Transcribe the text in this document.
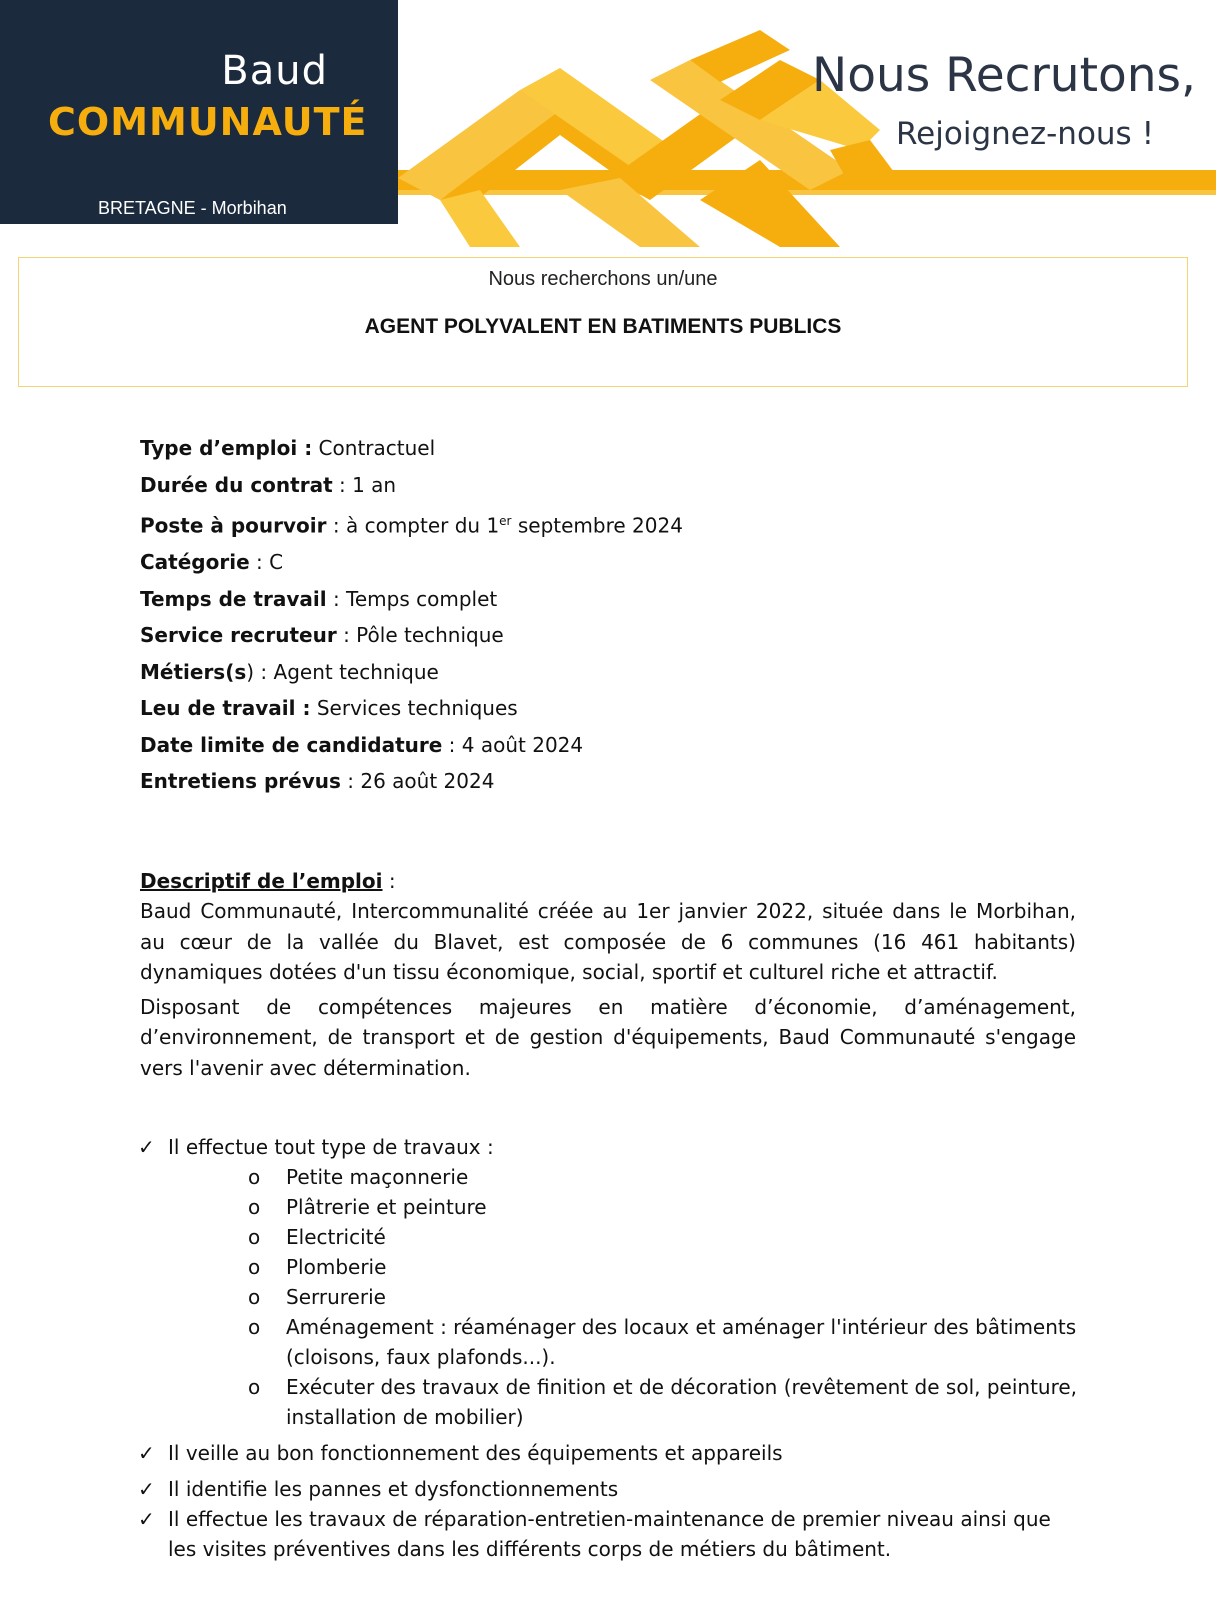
Baud
COMMUNAUTÉ
BRETAGNE - Morbihan
Nous Recrutons,
Rejoignez-nous !
Nous recherchons un/une
AGENT POLYVALENT EN BATIMENTS PUBLICS
Type d’emploi : Contractuel
Durée du contrat : 1 an
Poste à pourvoir : à compter du 1er septembre 2024
Catégorie : C
Temps de travail : Temps complet
Service recruteur : Pôle technique
Métiers(s) : Agent technique
Leu de travail : Services techniques
Date limite de candidature : 4 août 2024
Entretiens prévus : 26 août 2024
Descriptif de l’emploi :

Baud Communauté, Intercommunalité créée au 1er janvier 2022, située dans le Morbihan, au cœur de la vallée du Blavet, est composée de 6 communes (16 461 habitants) dynamiques dotées d'un tissu économique, social, sportif et culturel riche et attractif.

Disposant de compétences majeures en matière d’économie, d’aménagement, d’environnement, de transport et de gestion d'équipements, Baud Communauté s'engage vers l'avenir avec détermination.

✓ Il effectue tout type de travaux :
o	Petite maçonnerie
o	Plâtrerie et peinture
o	Electricité
o	Plomberie
o	Serrurerie
o	Aménagement : réaménager des locaux et aménager l'intérieur des bâtiments (cloisons, faux plafonds...).
o	Exécuter des travaux de finition et de décoration (revêtement de sol, peinture, installation de mobilier)
✓ Il veille au bon fonctionnement des équipements et appareils
✓ Il identifie les pannes et dysfonctionnements
✓ Il effectue les travaux de réparation-entretien-maintenance de premier niveau ainsi que les visites préventives dans les différents corps de métiers du bâtiment.
